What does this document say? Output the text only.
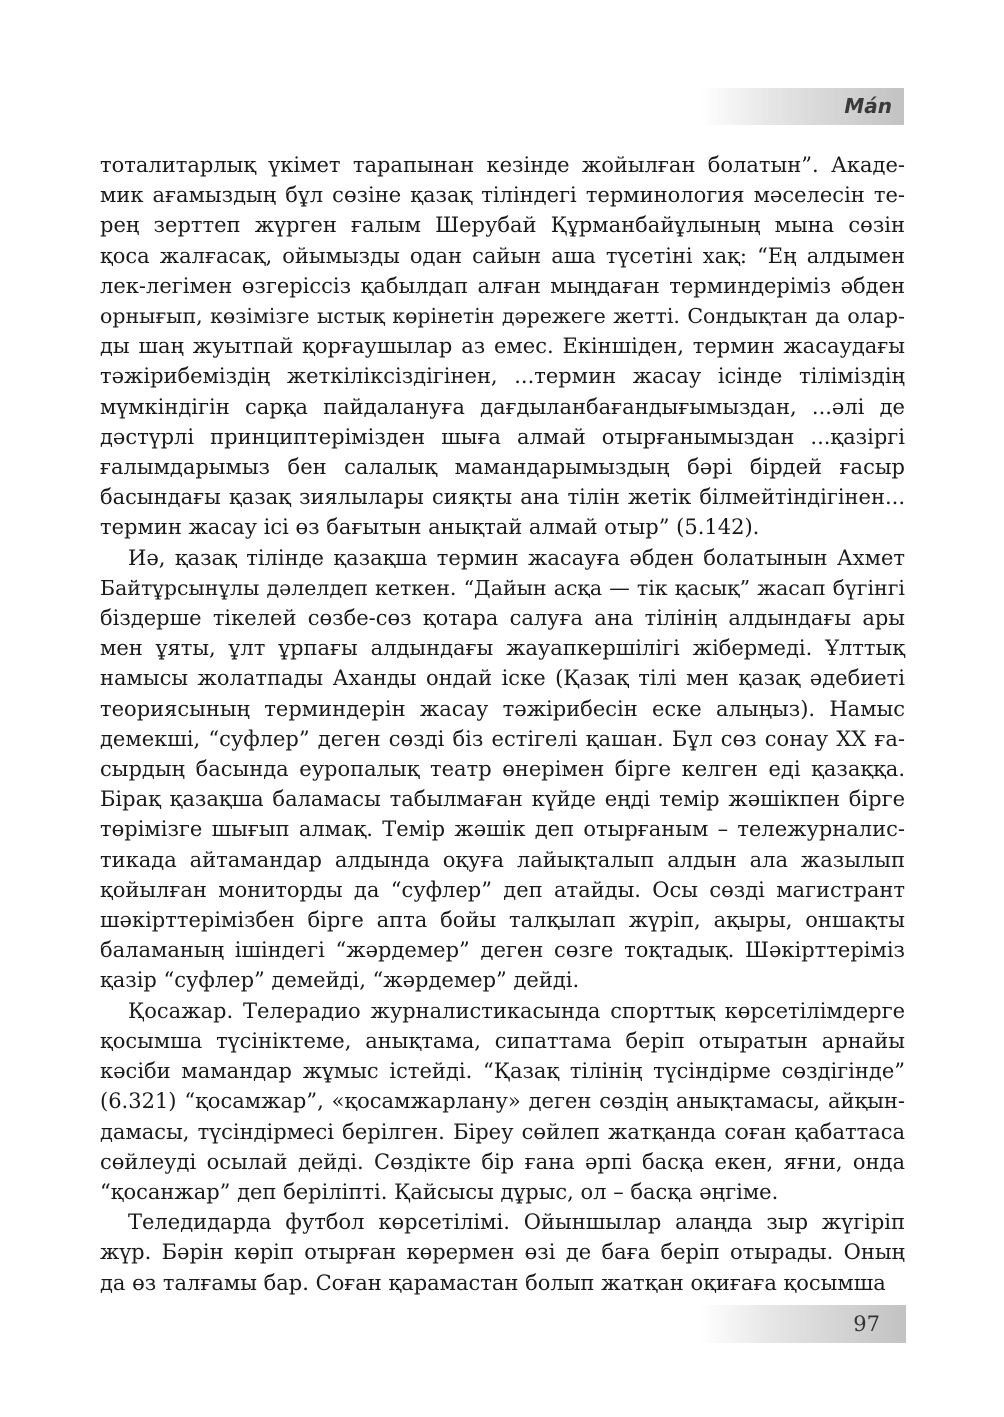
Mán
тоталитарлық үкімет тарапынан кезінде жойылған болатын”. Акаде-
мик ағамыздың бұл сөзіне қазақ тіліндегі терминология мәселесін те-
рең зерттеп жүрген ғалым Шерубай Құрманбайұлының мына сөзін
қоса жалғасақ, ойымызды одан сайын аша түсетіні хақ: “Ең алдымен
лек-легімен өзгеріссіз қабылдап алған мыңдаған терминдеріміз әбден
орнығып, көзімізге ыстық көрінетін дәрежеге жетті. Сондықтан да олар-
ды шаң жуытпай қорғаушылар аз емес. Екіншіден, термин жасаудағы
тәжірибеміздің жеткіліксіздігінен, ...термин жасау ісінде тіліміздің
мүмкіндігін сарқа пайдалануға дағдыланбағандығымыздан, ...әлі де
дәстүрлі принциптерімізден шыға алмай отырғанымыздан ...қазіргі
ғалымдарымыз бен салалық мамандарымыздың бәрі бірдей ғасыр
басындағы қазақ зиялылары сияқты ана тілін жетік білмейтіндігінен...
термин жасау ісі өз бағытын анықтай алмай отыр” (5.142).
Иә, қазақ тілінде қазақша термин жасауға әбден болатынын Ахмет
Байтұрсынұлы дәлелдеп кеткен. “Дайын асқа — тік қасық” жасап бүгінгі
біздерше тікелей сөзбе-сөз қотара салуға ана тілінің алдындағы ары
мен ұяты, ұлт ұрпағы алдындағы жауапкершілігі жібермеді. Ұлттық
намысы жолатпады Аханды ондай іске (Қазақ тілі мен қазақ әдебиеті
теориясының терминдерін жасау тәжірибесін еске алыңыз). Намыс
демекші, “суфлер” деген сөзді біз естігелі қашан. Бұл сөз сонау XX ға-
сырдың басында еуропалық театр өнерімен бірге келген еді қазаққа.
Бірақ қазақша баламасы табылмаған күйде еңді темір жәшікпен бірге
төрімізге шығып алмақ. Темір жәшік деп отырғаным – тележурналис-
тикада айтамандар алдында оқуға лайықталып алдын ала жазылып
қойылған мониторды да “суфлер” деп атайды. Осы сөзді магистрант
шәкірттерімізбен бірге апта бойы талқылап жүріп, ақыры, оншақты
баламаның ішіндегі “жәрдемер” деген сөзге тоқтадық. Шәкірттеріміз
қазір “суфлер” демейді, “жәрдемер” дейді.
Қосажар. Телерадио журналистикасында спорттық көрсетілімдерге
қосымша түсініктеме, анықтама, сипаттама беріп отыратын арнайы
кәсіби мамандар жұмыс істейді. “Қазақ тілінің түсіндірме сөздігінде”
(6.321) “қосамжар”, «қосамжарлану» деген сөздің анықтамасы, айқын-
дамасы, түсіндірмесі берілген. Біреу сөйлеп жатқанда соған қабаттаса
сөйлеуді осылай дейді. Сөздікте бір ғана әрпі басқа екен, яғни, онда
“қосанжар” деп беріліпті. Қайсысы дұрыс, ол – басқа әңгіме.
Теледидарда футбол көрсетілімі. Ойыншылар алаңда зыр жүгіріп
жүр. Бәрін көріп отырған көрермен өзі де баға беріп отырады. Оның
да өз талғамы бар. Соған қарамастан болып жатқан оқиғаға қосымша
97
